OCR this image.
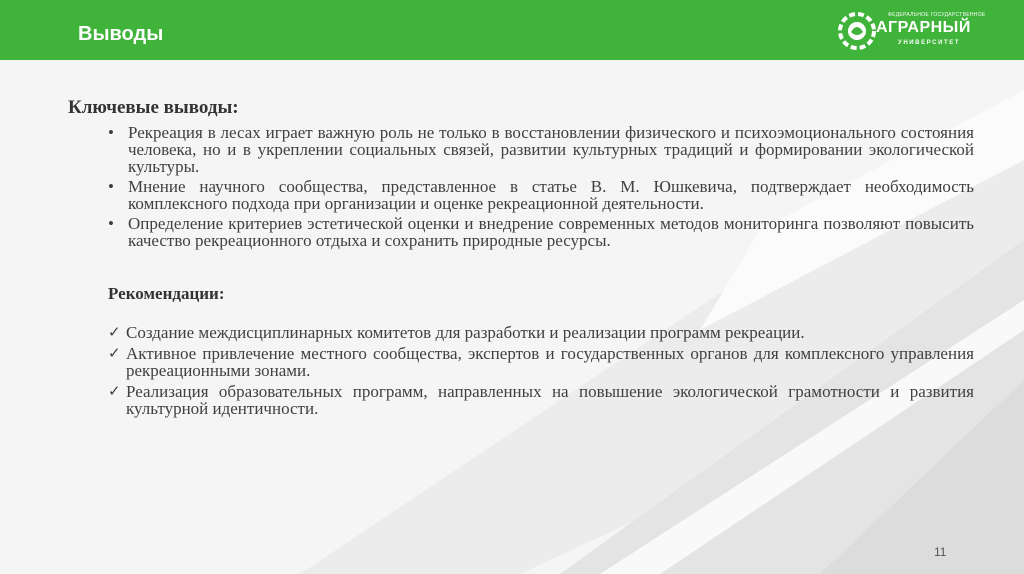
Выводы
ФЕДЕРАЛЬНОЕ ГОСУДАРСТВЕННОЕ
АГРАРНЫЙ
УНИВЕРСИТЕТ
Ключевые выводы:
• Рекреация в лесах играет важную роль не только в восстановлении физического и психоэмоционального состояния человека, но и в укреплении социальных связей, развитии культурных традиций и формировании экологической культуры.
• Мнение научного сообщества, представленное в статье В. М. Юшкевича, подтверждает необходимость комплексного подхода при организации и оценке рекреационной деятельности.
• Определение критериев эстетической оценки и внедрение современных методов мониторинга позволяют повысить качество рекреационного отдыха и сохранить природные ресурсы.
Рекомендации:
✓ Создание междисциплинарных комитетов для разработки и реализации программ рекреации.
✓ Активное привлечение местного сообщества, экспертов и государственных органов для комплексного управления рекреационными зонами.
✓ Реализация образовательных программ, направленных на повышение экологической грамотности и развития культурной идентичности.
11
